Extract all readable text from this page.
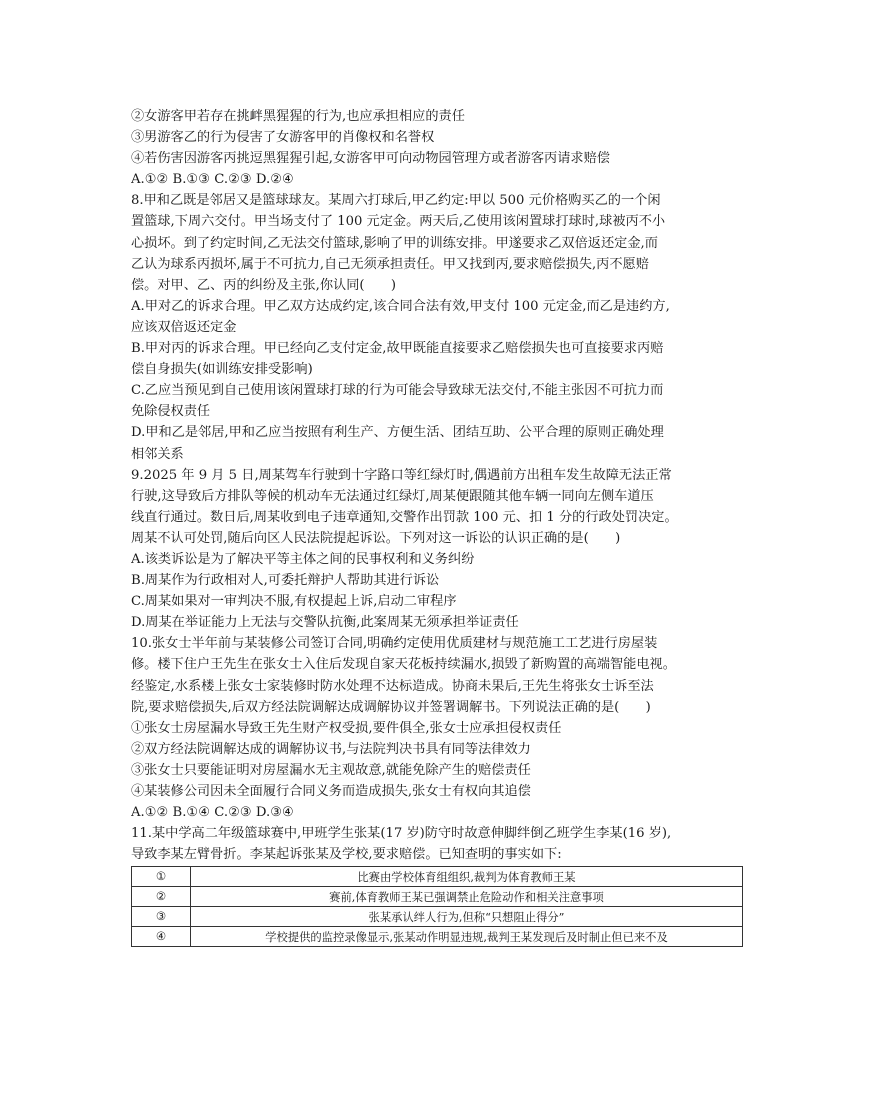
②女游客甲若存在挑衅黑猩猩的行为,也应承担相应的责任
③男游客乙的行为侵害了女游客甲的肖像权和名誉权
④若伤害因游客丙挑逗黑猩猩引起,女游客甲可向动物园管理方或者游客丙请求赔偿
A.①② B.①③ C.②③ D.②④
8.甲和乙既是邻居又是篮球球友。某周六打球后,甲乙约定:甲以 500 元价格购买乙的一个闲
置篮球,下周六交付。甲当场支付了 100 元定金。两天后,乙使用该闲置球打球时,球被丙不小
心损坏。到了约定时间,乙无法交付篮球,影响了甲的训练安排。甲遂要求乙双倍返还定金,而
乙认为球系丙损坏,属于不可抗力,自己无须承担责任。甲又找到丙,要求赔偿损失,丙不愿赔
偿。对甲、乙、丙的纠纷及主张,你认同(　　)
A.甲对乙的诉求合理。甲乙双方达成约定,该合同合法有效,甲支付 100 元定金,而乙是违约方,
应该双倍返还定金
B.甲对丙的诉求合理。甲已经向乙支付定金,故甲既能直接要求乙赔偿损失也可直接要求丙赔
偿自身损失(如训练安排受影响)
C.乙应当预见到自己使用该闲置球打球的行为可能会导致球无法交付,不能主张因不可抗力而
免除侵权责任
D.甲和乙是邻居,甲和乙应当按照有利生产、方便生活、团结互助、公平合理的原则正确处理
相邻关系
9.2025 年 9 月 5 日,周某驾车行驶到十字路口等红绿灯时,偶遇前方出租车发生故障无法正常
行驶,这导致后方排队等候的机动车无法通过红绿灯,周某便跟随其他车辆一同向左侧车道压
线直行通过。数日后,周某收到电子违章通知,交警作出罚款 100 元、扣 1 分的行政处罚决定。
周某不认可处罚,随后向区人民法院提起诉讼。下列对这一诉讼的认识正确的是(　　)
A.该类诉讼是为了解决平等主体之间的民事权利和义务纠纷
B.周某作为行政相对人,可委托辩护人帮助其进行诉讼
C.周某如果对一审判决不服,有权提起上诉,启动二审程序
D.周某在举证能力上无法与交警队抗衡,此案周某无须承担举证责任
10.张女士半年前与某装修公司签订合同,明确约定使用优质建材与规范施工工艺进行房屋装
修。楼下住户王先生在张女士入住后发现自家天花板持续漏水,损毁了新购置的高端智能电视。
经鉴定,水系楼上张女士家装修时防水处理不达标造成。协商未果后,王先生将张女士诉至法
院,要求赔偿损失,后双方经法院调解达成调解协议并签署调解书。下列说法正确的是(　　)
①张女士房屋漏水导致王先生财产权受损,要件俱全,张女士应承担侵权责任
②双方经法院调解达成的调解协议书,与法院判决书具有同等法律效力
③张女士只要能证明对房屋漏水无主观故意,就能免除产生的赔偿责任
④某装修公司因未全面履行合同义务而造成损失,张女士有权向其追偿
A.①② B.①④ C.②③ D.③④
11.某中学高二年级篮球赛中,甲班学生张某(17 岁)防守时故意伸脚绊倒乙班学生李某(16 岁),
导致李某左臂骨折。李某起诉张某及学校,要求赔偿。已知查明的事实如下:
①	比赛由学校体育组组织,裁判为体育教师王某
②	赛前,体育教师王某已强调禁止危险动作和相关注意事项
③	张某承认绊人行为,但称“只想阻止得分”
④	学校提供的监控录像显示,张某动作明显违规,裁判王某发现后及时制止但已来不及
